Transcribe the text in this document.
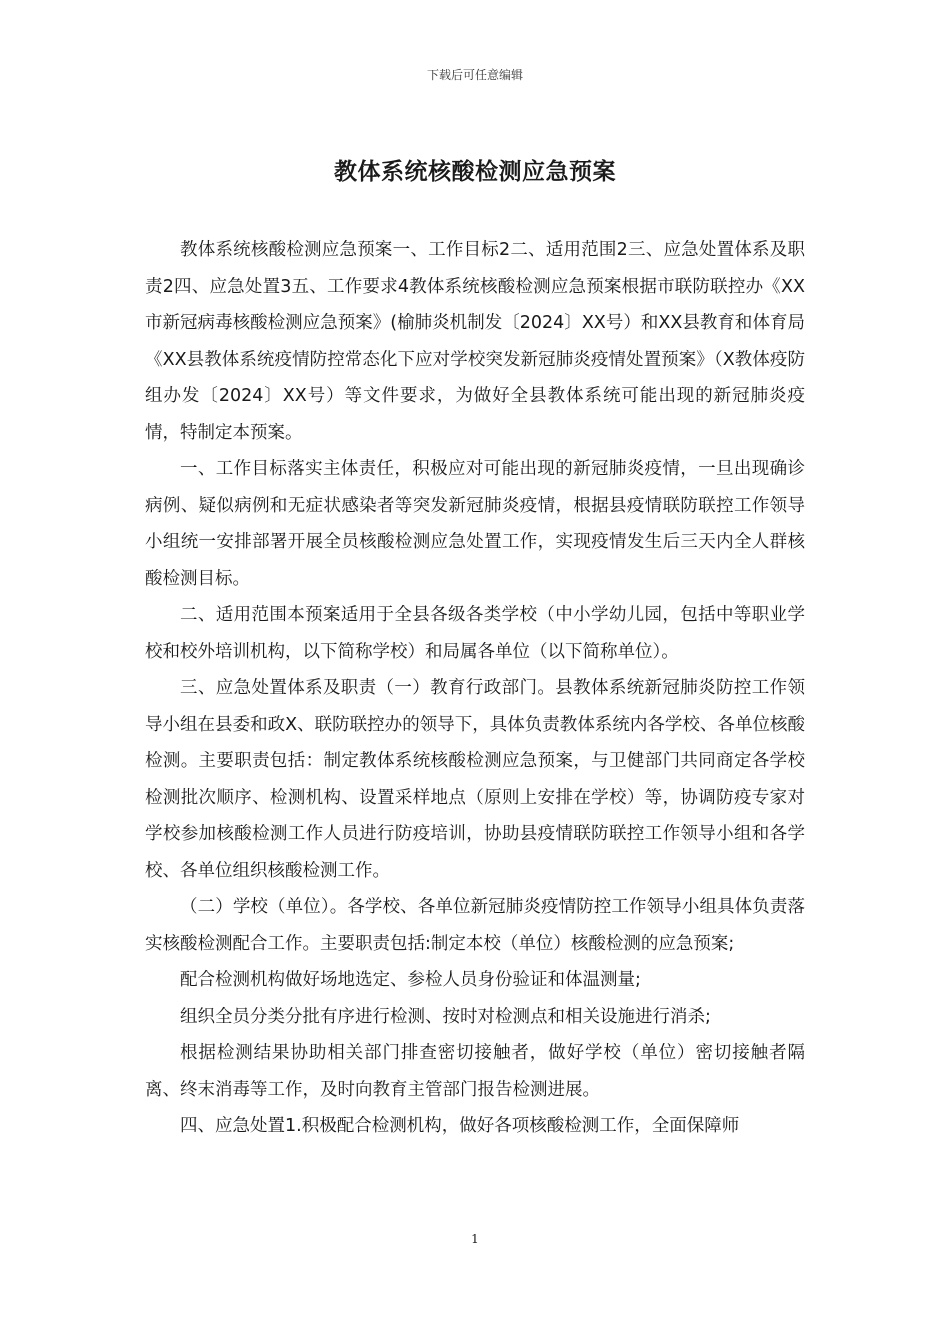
下载后可任意编辑
教体系统核酸检测应急预案

教体系统核酸检测应急预案一、工作目标2二、适用范围2三、应急处置体系及职责2四、应急处置3五、工作要求4教体系统核酸检测应急预案根据市联防联控办《XX市新冠病毒核酸检测应急预案》(榆肺炎机制发〔2024〕XX号）和XX县教育和体育局《XX县教体系统疫情防控常态化下应对学校突发新冠肺炎疫情处置预案》（X教体疫防组办发〔2024〕XX号）等文件要求，为做好全县教体系统可能出现的新冠肺炎疫情，特制定本预案。

一、工作目标落实主体责任，积极应对可能出现的新冠肺炎疫情，一旦出现确诊病例、疑似病例和无症状感染者等突发新冠肺炎疫情，根据县疫情联防联控工作领导小组统一安排部署开展全员核酸检测应急处置工作，实现疫情发生后三天内全人群核酸检测目标。

二、适用范围本预案适用于全县各级各类学校（中小学幼儿园，包括中等职业学校和校外培训机构，以下简称学校）和局属各单位（以下简称单位）。

三、应急处置体系及职责（一）教育行政部门。县教体系统新冠肺炎防控工作领导小组在县委和政X、联防联控办的领导下，具体负责教体系统内各学校、各单位核酸检测。主要职责包括：制定教体系统核酸检测应急预案，与卫健部门共同商定各学校检测批次顺序、检测机构、设置采样地点（原则上安排在学校）等，协调防疫专家对学校参加核酸检测工作人员进行防疫培训，协助县疫情联防联控工作领导小组和各学校、各单位组织核酸检测工作。

（二）学校（单位）。各学校、各单位新冠肺炎疫情防控工作领导小组具体负责落实核酸检测配合工作。主要职责包括:制定本校（单位）核酸检测的应急预案;

配合检测机构做好场地选定、参检人员身份验证和体温测量;

组织全员分类分批有序进行检测、按时对检测点和相关设施进行消杀;

根据检测结果协助相关部门排查密切接触者，做好学校（单位）密切接触者隔离、终末消毒等工作，及时向教育主管部门报告检测进展。

四、应急处置1.积极配合检测机构，做好各项核酸检测工作，全面保障师

1
